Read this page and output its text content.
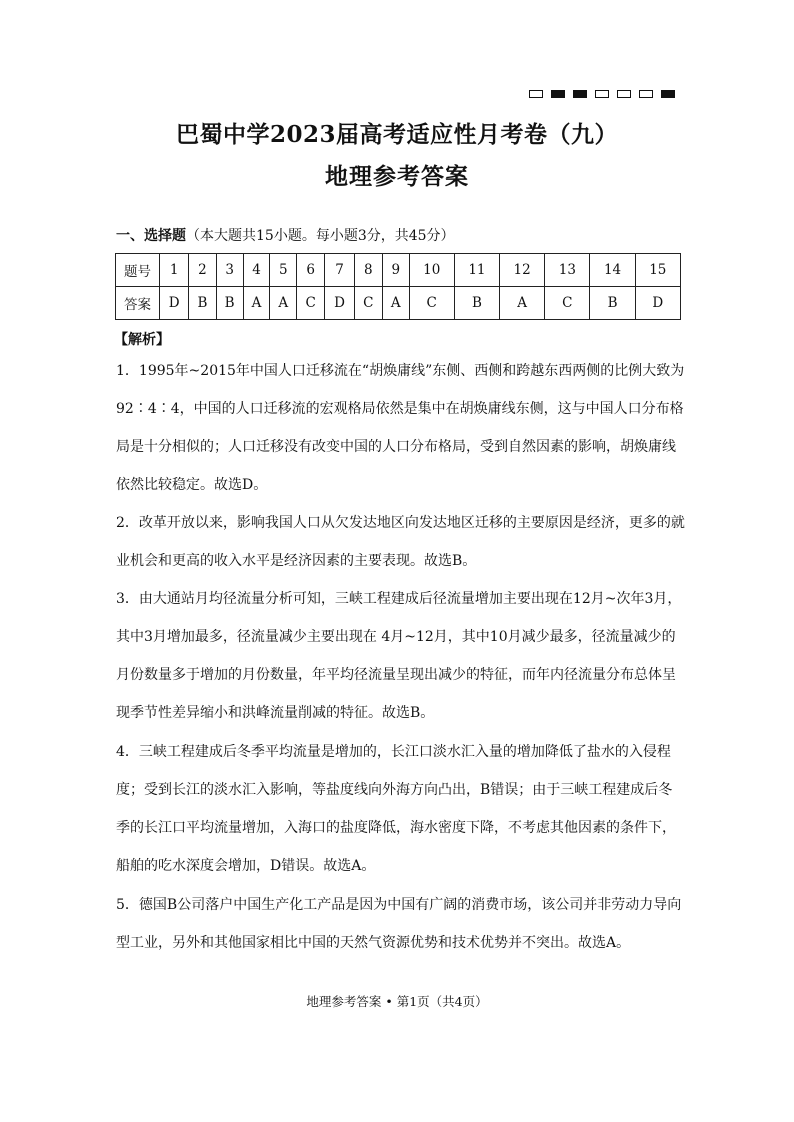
巴蜀中学2023届高考适应性月考卷（九）
地理参考答案
一、选择题（本大题共15小题。每小题3分，共45分）
题号	1	2	3	4	5	6	7	8	9	10	11	12	13	14	15
答案	D	B	B	A	A	C	D	C	A	C	B	A	C	B	D
【解析】
1．1995年~2015年中国人口迁移流在“胡焕庸线”东侧、西侧和跨越东西两侧的比例大致为92∶4∶4，中国的人口迁移流的宏观格局依然是集中在胡焕庸线东侧，这与中国人口分布格局是十分相似的；人口迁移没有改变中国的人口分布格局，受到自然因素的影响，胡焕庸线依然比较稳定。故选D。
2．改革开放以来，影响我国人口从欠发达地区向发达地区迁移的主要原因是经济，更多的就业机会和更高的收入水平是经济因素的主要表现。故选B。
3．由大通站月均径流量分析可知，三峡工程建成后径流量增加主要出现在12月~次年3月，其中3月增加最多，径流量减少主要出现在 4月~12月，其中10月减少最多，径流量减少的月份数量多于增加的月份数量，年平均径流量呈现出减少的特征，而年内径流量分布总体呈现季节性差异缩小和洪峰流量削减的特征。故选B。
4．三峡工程建成后冬季平均流量是增加的，长江口淡水汇入量的增加降低了盐水的入侵程度；受到长江的淡水汇入影响，等盐度线向外海方向凸出，B错误；由于三峡工程建成后冬季的长江口平均流量增加，入海口的盐度降低，海水密度下降，不考虑其他因素的条件下，船舶的吃水深度会增加，D错误。故选A。
5．德国B公司落户中国生产化工产品是因为中国有广阔的消费市场，该公司并非劳动力导向型工业，另外和其他国家相比中国的天然气资源优势和技术优势并不突出。故选A。
地理参考答案 • 第1页（共4页）
